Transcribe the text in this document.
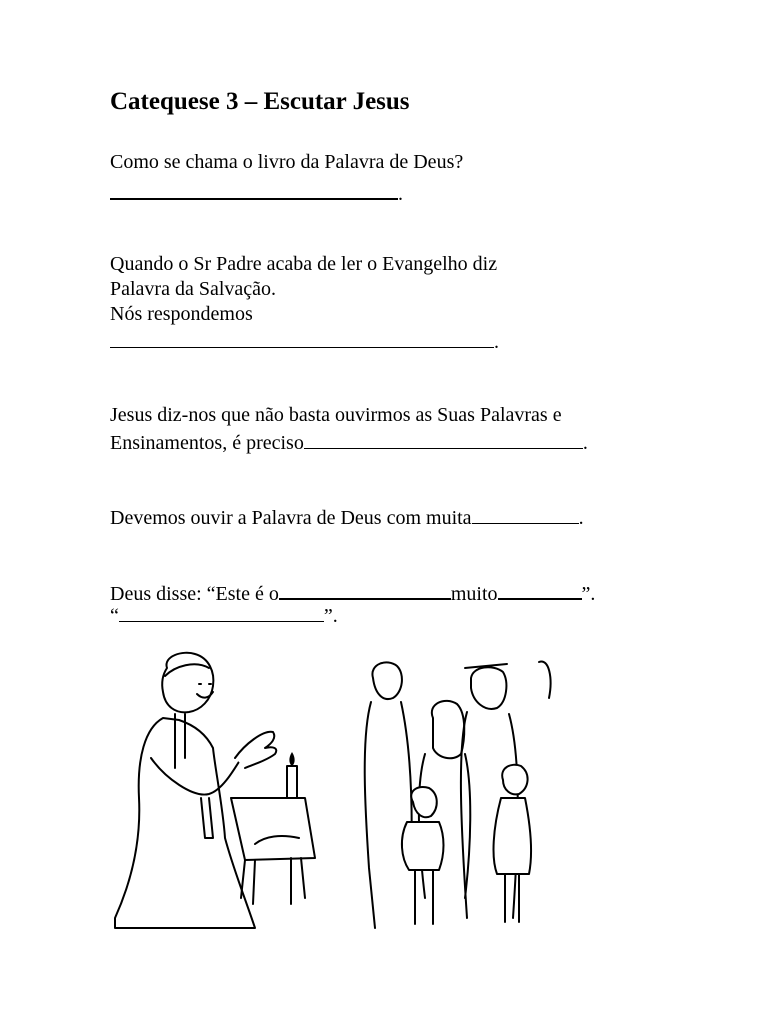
Catequese 3 – Escutar Jesus
Como se chama o livro da Palavra de Deus?
.
Quando o Sr Padre acaba de ler o Evangelho diz
Palavra da Salvação.
Nós respondemos
.
Jesus diz-nos que não basta ouvirmos as Suas Palavras e
Ensinamentos, é preciso	.
Devemos ouvir a Palavra de Deus com muita	.
Deus disse: “Este é o	muito	”.
“	”.
